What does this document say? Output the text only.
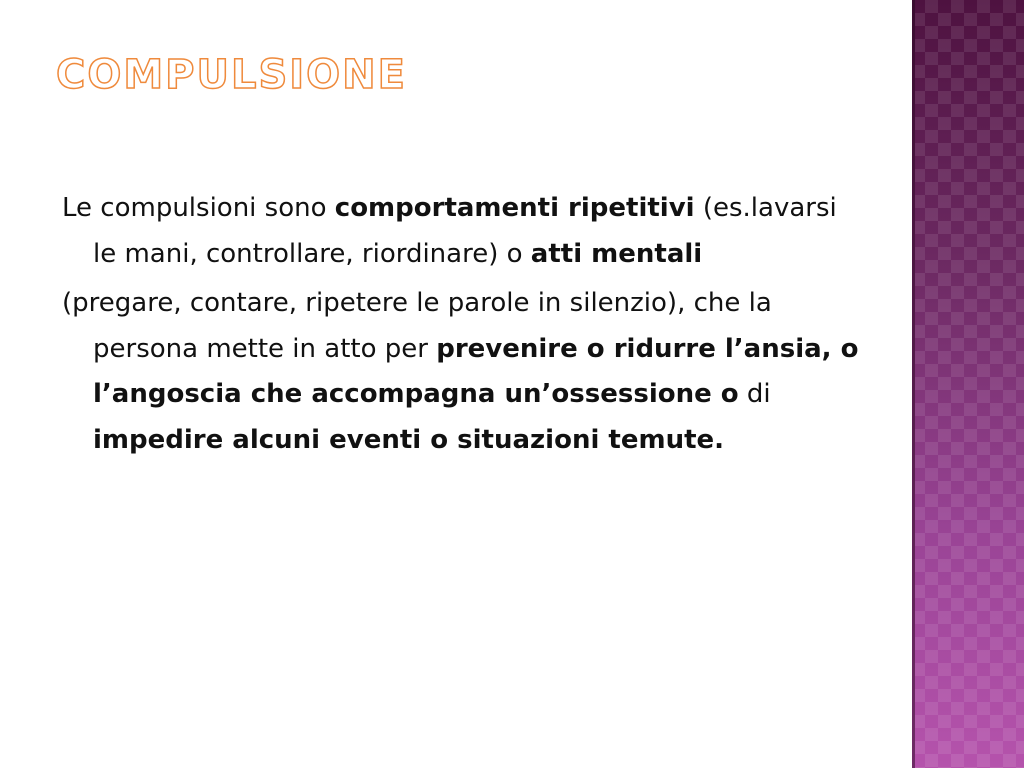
COMPULSIONE

Le compulsioni sono comportamenti ripetitivi (es.lavarsi le mani, controllare, riordinare) o atti mentali

(pregare, contare, ripetere le parole in silenzio), che la persona mette in atto per prevenire o ridurre l’ansia, o l’angoscia che accompagna un’ossessione o di impedire alcuni eventi o situazioni temute.
